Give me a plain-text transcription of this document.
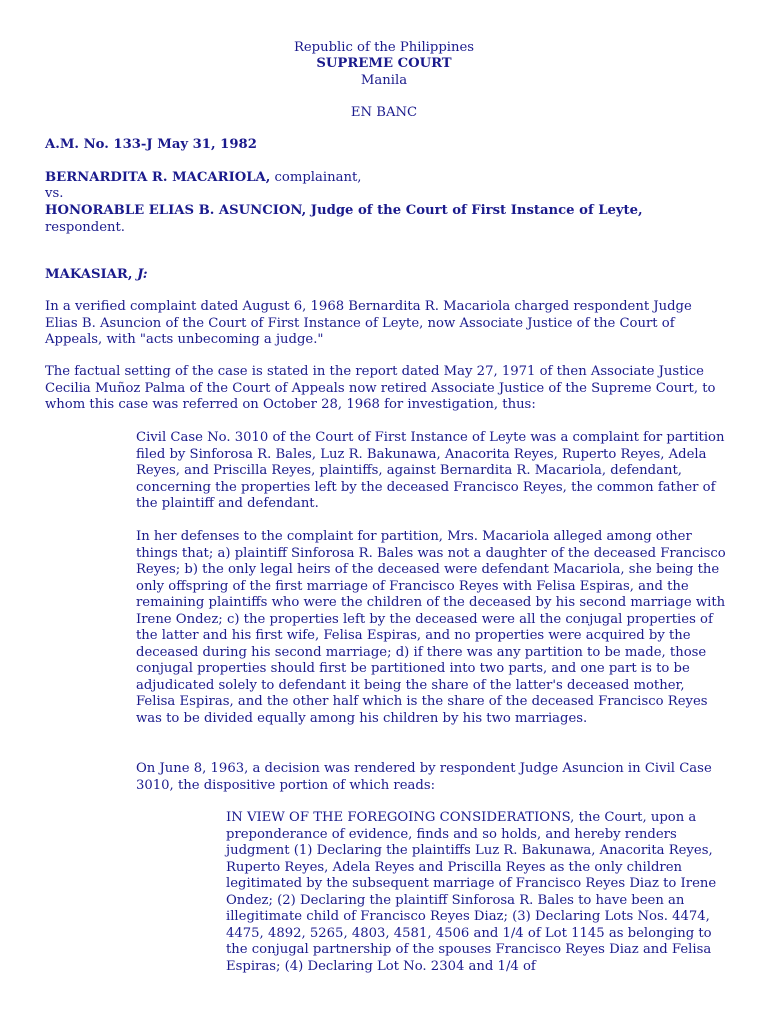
Republic of the Philippines
SUPREME COURT
Manila
EN BANC
A.M. No. 133-J May 31, 1982
BERNARDITA R. MACARIOLA, complainant,
vs.
HONORABLE ELIAS B. ASUNCION, Judge of the Court of First Instance of Leyte, respondent.
MAKASIAR, J:

In a verified complaint dated August 6, 1968 Bernardita R. Macariola charged respondent Judge Elias B. Asuncion of the Court of First Instance of Leyte, now Associate Justice of the Court of Appeals, with "acts unbecoming a judge."

The factual setting of the case is stated in the report dated May 27, 1971 of then Associate Justice Cecilia Muñoz Palma of the Court of Appeals now retired Associate Justice of the Supreme Court, to whom this case was referred on October 28, 1968 for investigation, thus:

Civil Case No. 3010 of the Court of First Instance of Leyte was a complaint for partition filed by Sinforosa R. Bales, Luz R. Bakunawa, Anacorita Reyes, Ruperto Reyes, Adela Reyes, and Priscilla Reyes, plaintiffs, against Bernardita R. Macariola, defendant, concerning the properties left by the deceased Francisco Reyes, the common father of the plaintiff and defendant.

In her defenses to the complaint for partition, Mrs. Macariola alleged among other things that; a) plaintiff Sinforosa R. Bales was not a daughter of the deceased Francisco Reyes; b) the only legal heirs of the deceased were defendant Macariola, she being the only offspring of the first marriage of Francisco Reyes with Felisa Espiras, and the remaining plaintiffs who were the children of the deceased by his second marriage with Irene Ondez; c) the properties left by the deceased were all the conjugal properties of the latter and his first wife, Felisa Espiras, and no properties were acquired by the deceased during his second marriage; d) if there was any partition to be made, those conjugal properties should first be partitioned into two parts, and one part is to be adjudicated solely to defendant it being the share of the latter's deceased mother, Felisa Espiras, and the other half which is the share of the deceased Francisco Reyes was to be divided equally among his children by his two marriages.

On June 8, 1963, a decision was rendered by respondent Judge Asuncion in Civil Case 3010, the dispositive portion of which reads:

IN VIEW OF THE FOREGOING CONSIDERATIONS, the Court, upon a preponderance of evidence, finds and so holds, and hereby renders judgment (1) Declaring the plaintiffs Luz R. Bakunawa, Anacorita Reyes, Ruperto Reyes, Adela Reyes and Priscilla Reyes as the only children legitimated by the subsequent marriage of Francisco Reyes Diaz to Irene Ondez; (2) Declaring the plaintiff Sinforosa R. Bales to have been an illegitimate child of Francisco Reyes Diaz; (3) Declaring Lots Nos. 4474, 4475, 4892, 5265, 4803, 4581, 4506 and 1/4 of Lot 1145 as belonging to the conjugal partnership of the spouses Francisco Reyes Diaz and Felisa Espiras; (4) Declaring Lot No. 2304 and 1/4 of
